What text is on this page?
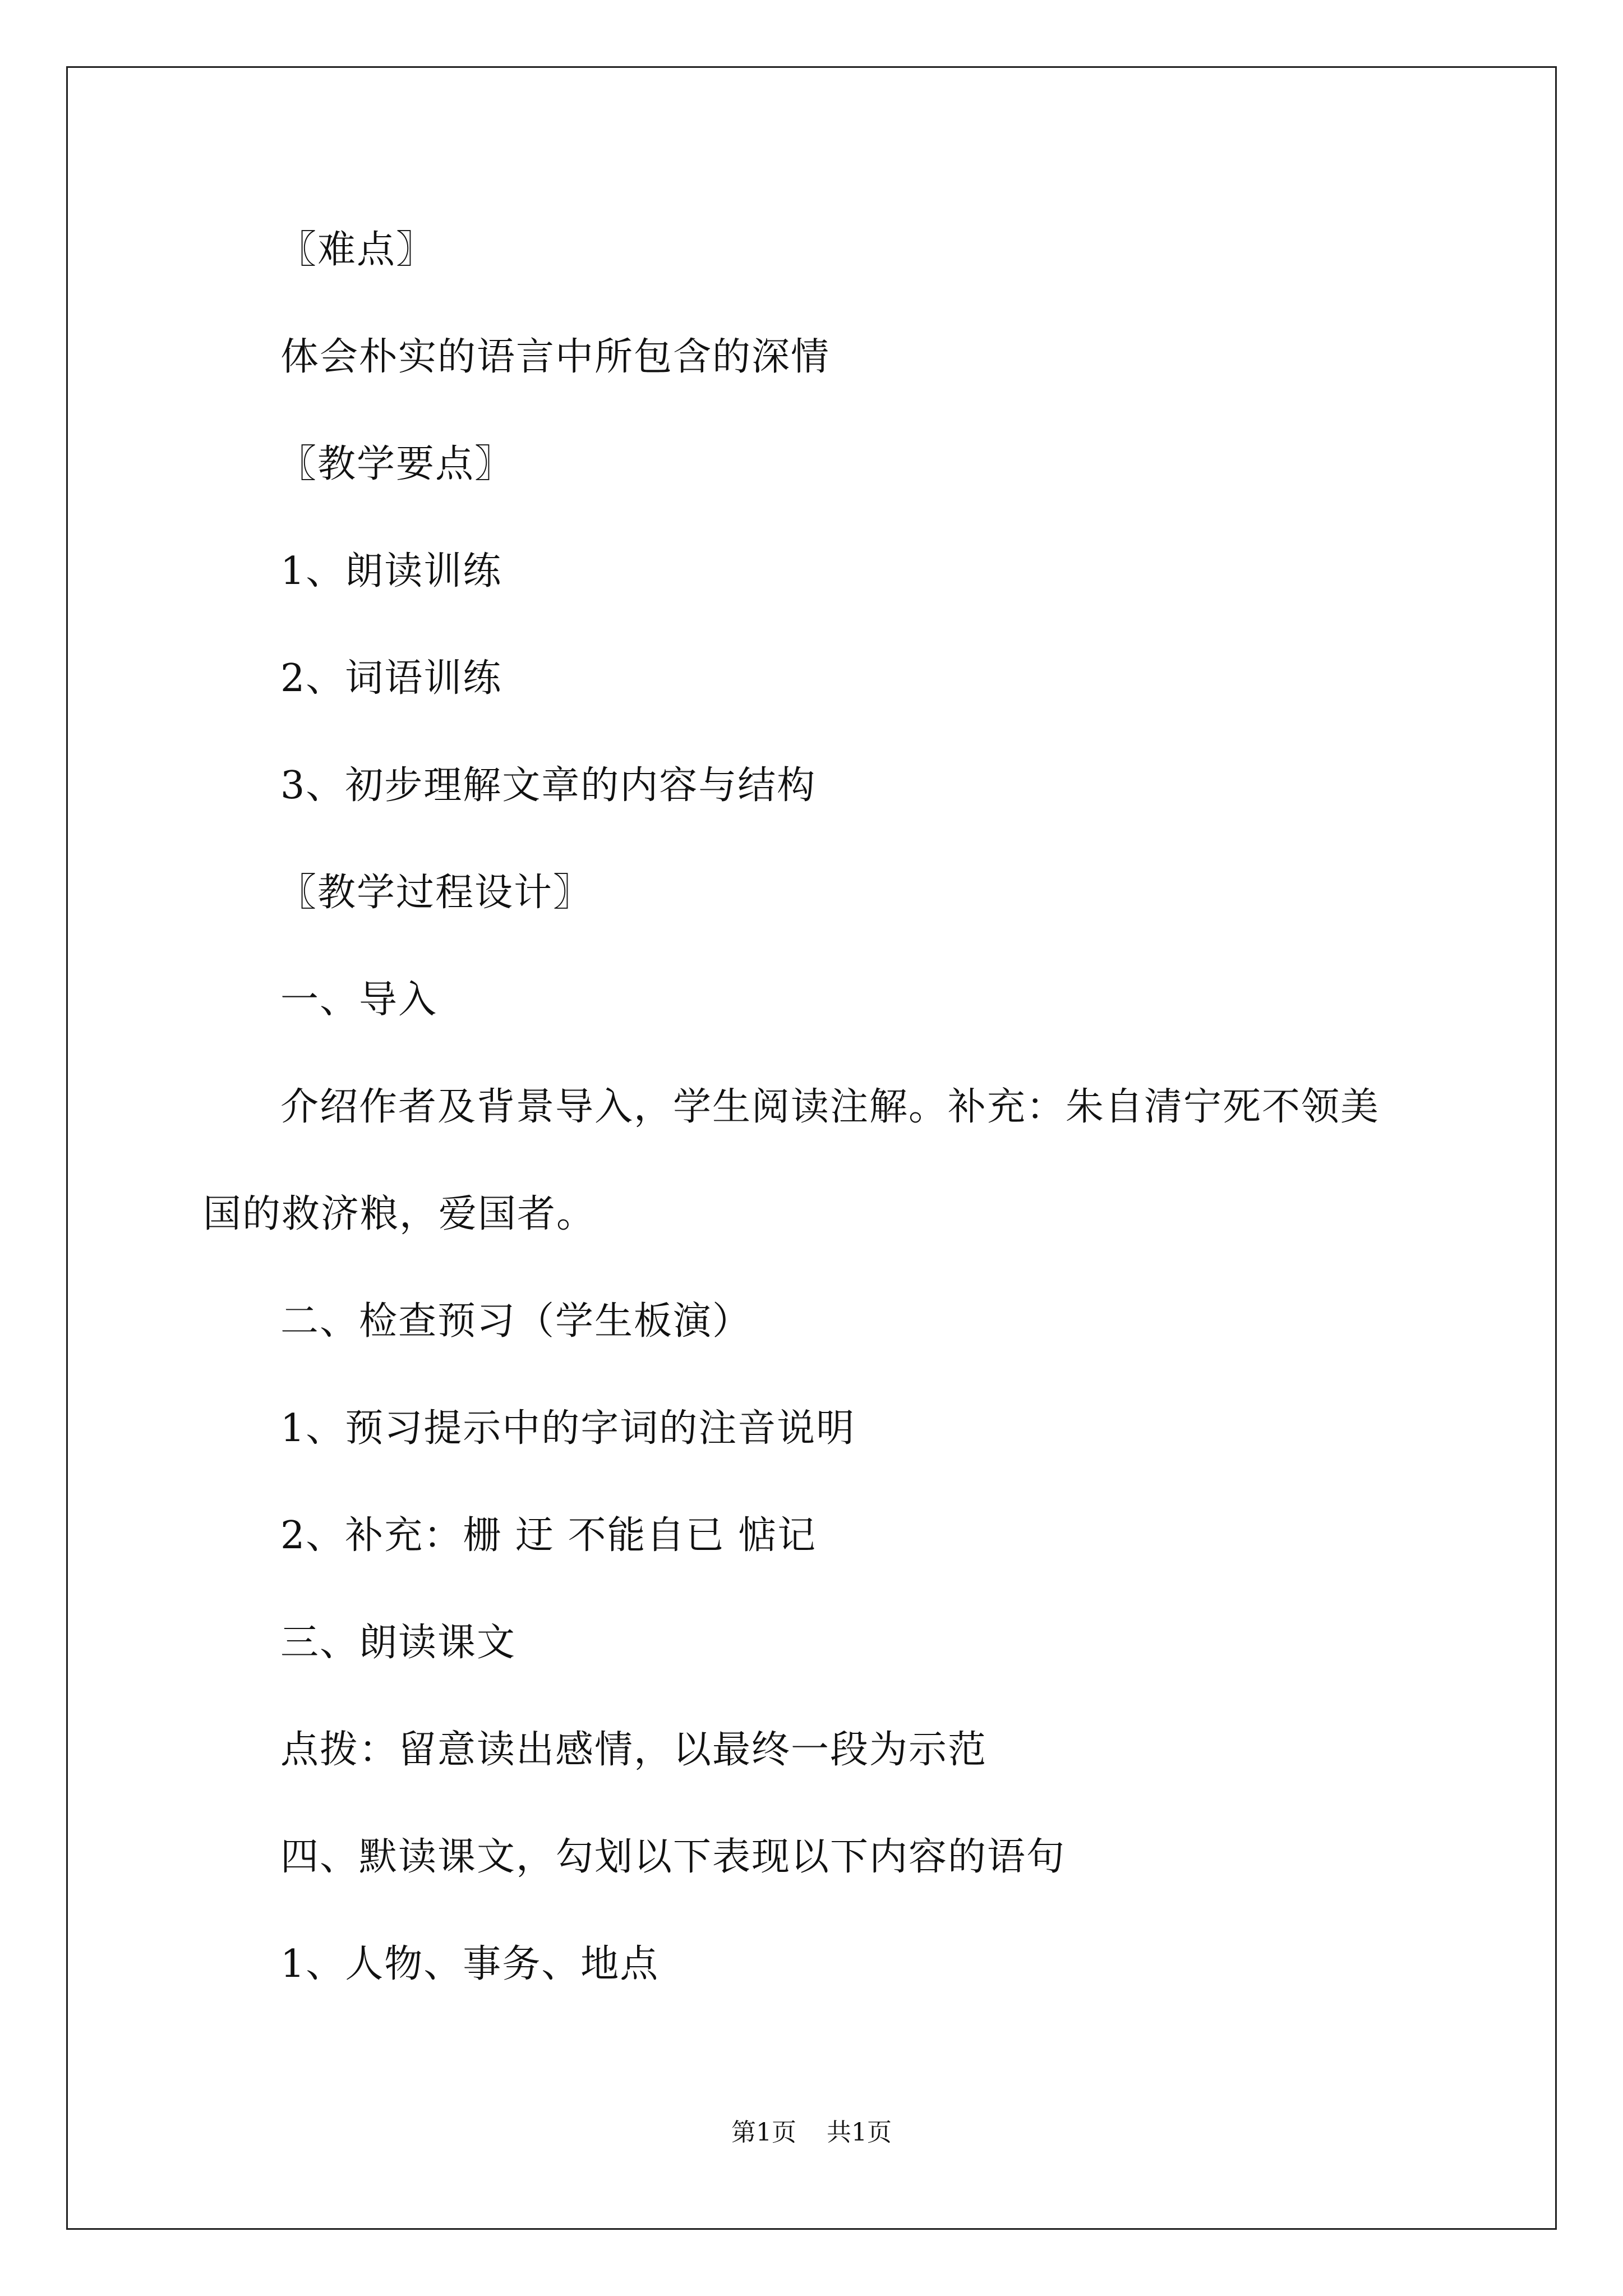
〖难点〗
体会朴实的语言中所包含的深情
〖教学要点〗
1、朗读训练
2、词语训练
3、初步理解文章的内容与结构
〖教学过程设计〗
一、导入
介绍作者及背景导入，学生阅读注解。补充：朱自清宁死不领美
国的救济粮，爱国者。
二、检查预习（学生板演）
1、预习提示中的字词的注音说明
2、补充：栅 迂 不能自已 惦记
三、朗读课文
点拨：留意读出感情，以最终一段为示范
四、默读课文，勾划以下表现以下内容的语句
1、人物、事务、地点
第1页 共1页
